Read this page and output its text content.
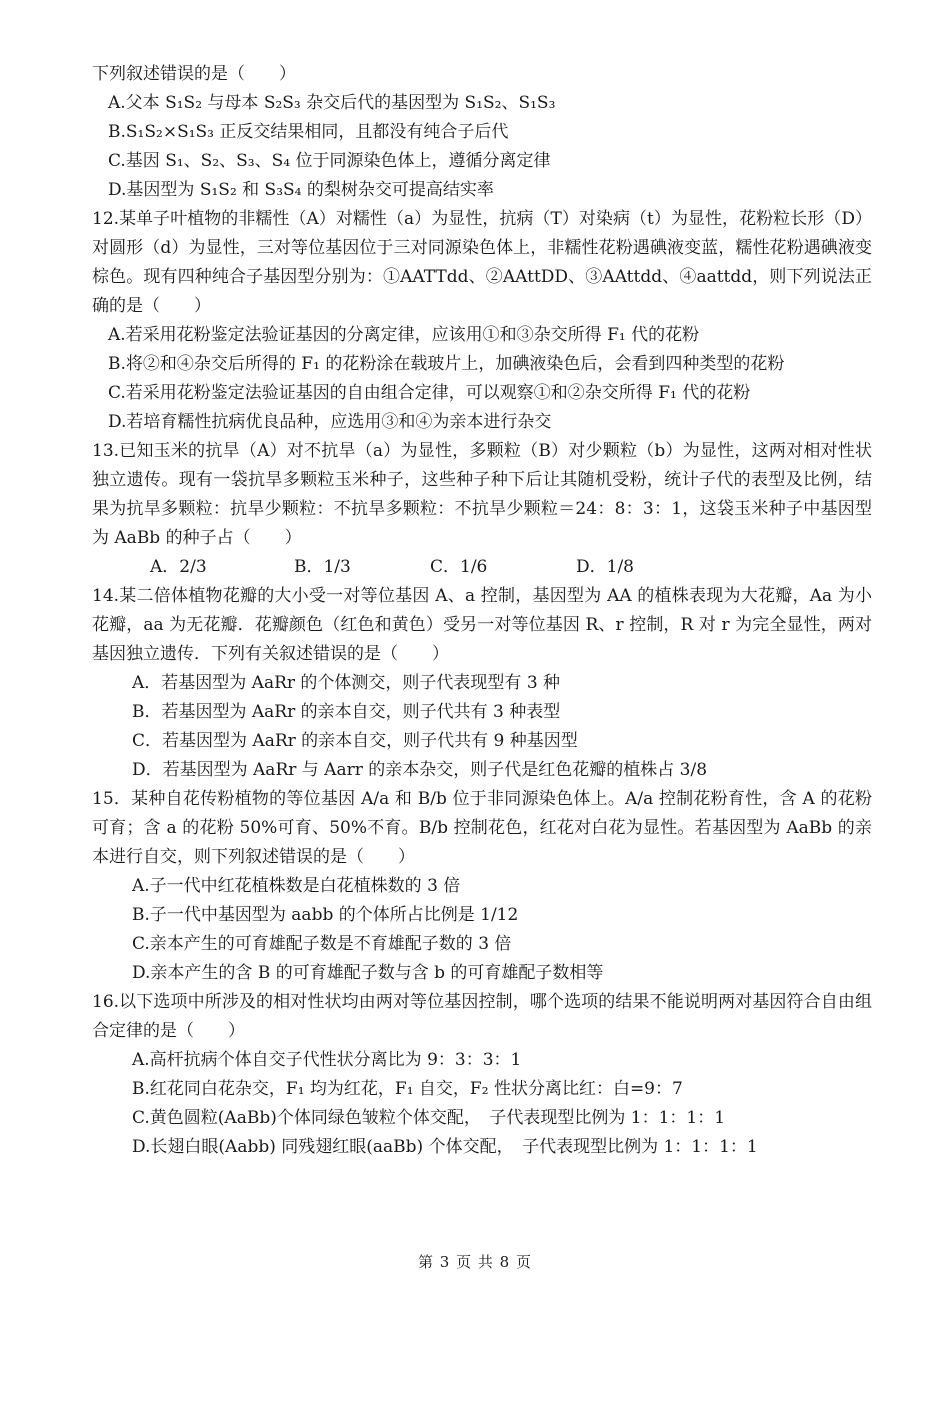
下列叙述错误的是（　　）
A.父本 S₁S₂ 与母本 S₂S₃ 杂交后代的基因型为 S₁S₂、S₁S₃
B.S₁S₂×S₁S₃ 正反交结果相同，且都没有纯合子后代
C.基因 S₁、S₂、S₃、S₄ 位于同源染色体上，遵循分离定律
D.基因型为 S₁S₂ 和 S₃S₄ 的梨树杂交可提高结实率
12.某单子叶植物的非糯性（A）对糯性（a）为显性，抗病（T）对染病（t）为显性，花粉粒长形（D）对圆形（d）为显性，三对等位基因位于三对同源染色体上，非糯性花粉遇碘液变蓝，糯性花粉遇碘液变棕色。现有四种纯合子基因型分别为：①AATTdd、②AAttDD、③AAttdd、④aattdd，则下列说法正确的是（　　）
A.若采用花粉鉴定法验证基因的分离定律，应该用①和③杂交所得 F₁ 代的花粉
B.将②和④杂交后所得的 F₁ 的花粉涂在载玻片上，加碘液染色后，会看到四种类型的花粉
C.若采用花粉鉴定法验证基因的自由组合定律，可以观察①和②杂交所得 F₁ 代的花粉
D.若培育糯性抗病优良品种，应选用③和④为亲本进行杂交
13.已知玉米的抗旱（A）对不抗旱（a）为显性，多颗粒（B）对少颗粒（b）为显性，这两对相对性状独立遗传。现有一袋抗旱多颗粒玉米种子，这些种子种下后让其随机受粉，统计子代的表型及比例，结果为抗旱多颗粒：抗旱少颗粒：不抗旱多颗粒：不抗旱少颗粒＝24：8：3：1，这袋玉米种子中基因型为 AaBb 的种子占（　　）
A．2/3	B．1/3	C．1/6	D．1/8
14.某二倍体植物花瓣的大小受一对等位基因 A、a 控制，基因型为 AA 的植株表现为大花瓣，Aa 为小花瓣，aa 为无花瓣．花瓣颜色（红色和黄色）受另一对等位基因 R、r 控制，R 对 r 为完全显性，两对基因独立遗传．下列有关叙述错误的是（　　）
A．若基因型为 AaRr 的个体测交，则子代表现型有 3 种
B．若基因型为 AaRr 的亲本自交，则子代共有 3 种表型
C．若基因型为 AaRr 的亲本自交，则子代共有 9 种基因型
D．若基因型为 AaRr 与 Aarr 的亲本杂交，则子代是红色花瓣的植株占 3/8
15．某种自花传粉植物的等位基因 A/a 和 B/b 位于非同源染色体上。A/a 控制花粉育性，含 A 的花粉可育；含 a 的花粉 50%可育、50%不育。B/b 控制花色，红花对白花为显性。若基因型为 AaBb 的亲本进行自交，则下列叙述错误的是（　　）
A.子一代中红花植株数是白花植株数的 3 倍
B.子一代中基因型为 aabb 的个体所占比例是 1/12
C.亲本产生的可育雄配子数是不育雄配子数的 3 倍
D.亲本产生的含 B 的可育雄配子数与含 b 的可育雄配子数相等
16.以下选项中所涉及的相对性状均由两对等位基因控制，哪个选项的结果不能说明两对基因符合自由组合定律的是（　　）
A.高杆抗病个体自交子代性状分离比为 9：3：3：1
B.红花同白花杂交，F₁ 均为红花，F₁ 自交，F₂ 性状分离比红：白=9：7
C.黄色圆粒(AaBb)个体同绿色皱粒个体交配，　子代表现型比例为 1：1：1：1
D.长翅白眼(Aabb) 同残翅红眼(aaBb) 个体交配，　子代表现型比例为 1：1：1：1
第 3 页 共 8 页
